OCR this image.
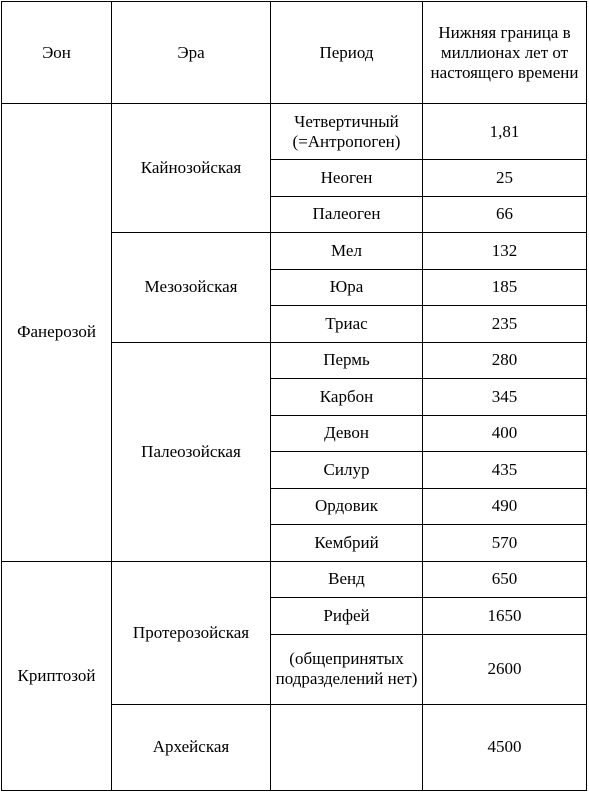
Эон	Эра	Период	Нижняя граница в миллионах лет от настоящего времени
Фанерозой	Кайнозойская	Четвертичный (=Антропоген)	1,81
		Неоген	25
		Палеоген	66
	Мезозойская	Мел	132
		Юра	185
		Триас	235
	Палеозойская	Пермь	280
		Карбон	345
		Девон	400
		Силур	435
		Ордовик	490
		Кембрий	570
Криптозой	Протерозойская	Венд	650
		Рифей	1650
		(общепринятых подразделений нет)	2600
	Архейская		4500
